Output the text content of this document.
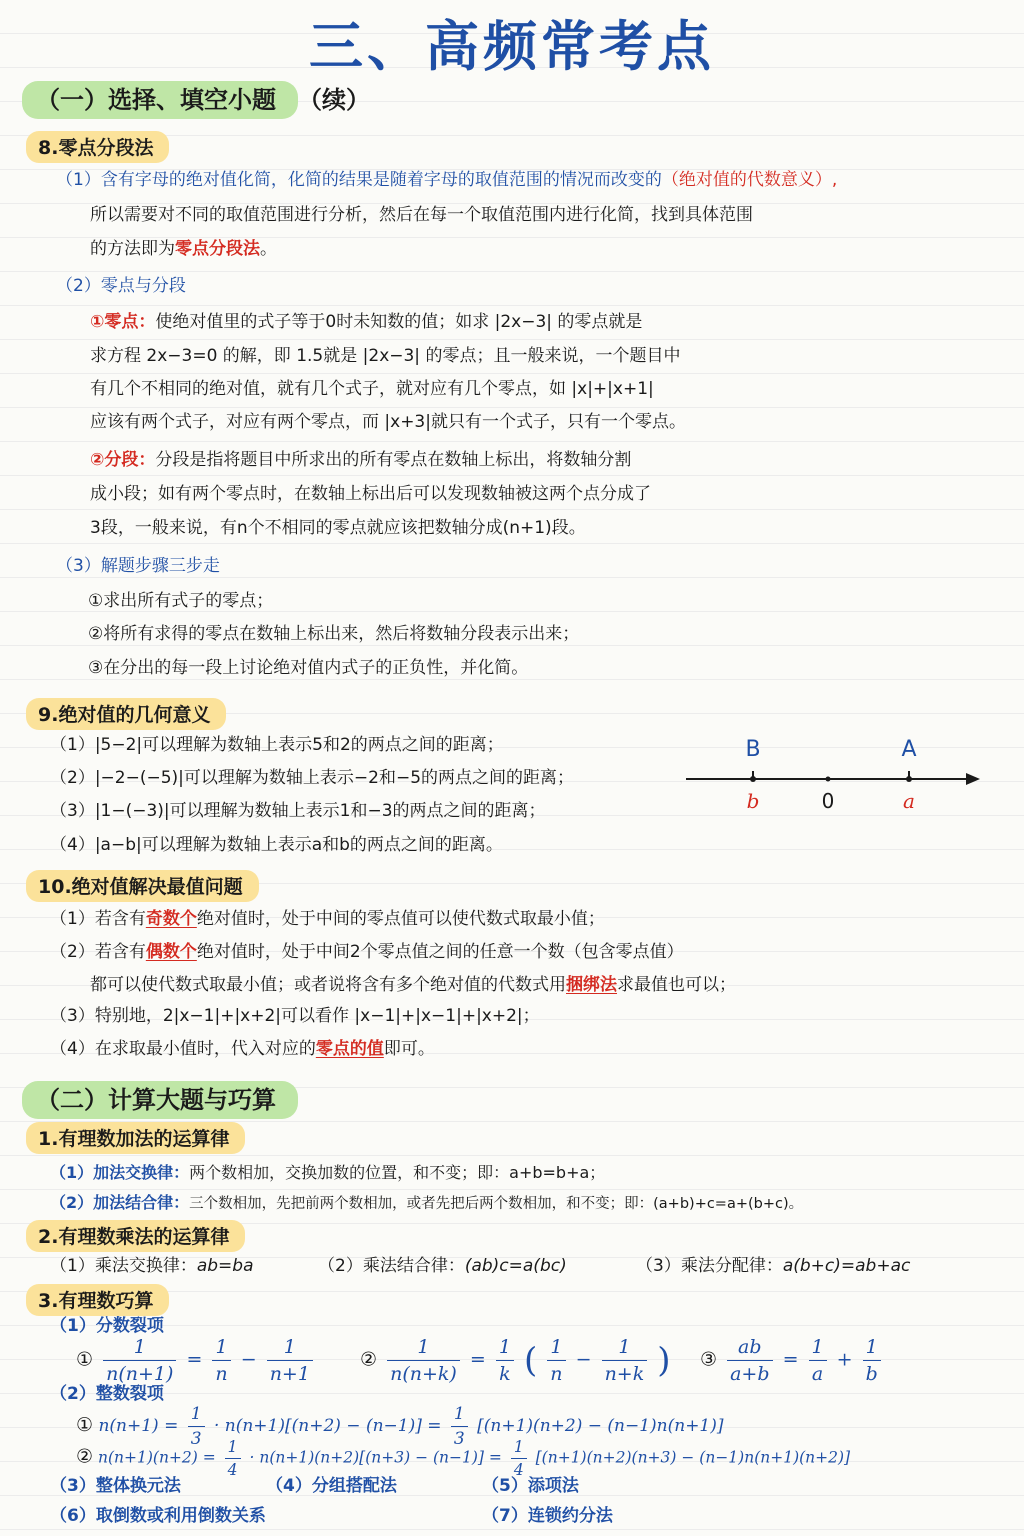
三、高频常考点
（一）选择、填空小题 （续）
8.零点分段法
（1）含有字母的绝对值化简，化简的结果是随着字母的取值范围的情况而改变的（绝对值的代数意义）,
所以需要对不同的取值范围进行分析，然后在每一个取值范围内进行化简，找到具体范围
的方法即为零点分段法。
（2）零点与分段
①零点：使绝对值里的式子等于0时未知数的值；如求 |2x−3| 的零点就是
求方程 2x−3=0 的解，即 1.5就是 |2x−3| 的零点；且一般来说，一个题目中
有几个不相同的绝对值，就有几个式子，就对应有几个零点，如 |x|+|x+1|
应该有两个式子，对应有两个零点，而 |x+3|就只有一个式子，只有一个零点。
②分段：分段是指将题目中所求出的所有零点在数轴上标出，将数轴分割
成小段；如有两个零点时，在数轴上标出后可以发现数轴被这两个点分成了
3段，一般来说，有n个不相同的零点就应该把数轴分成(n+1)段。
（3）解题步骤三步走
①求出所有式子的零点；
②将所有求得的零点在数轴上标出来，然后将数轴分段表示出来；
③在分出的每一段上讨论绝对值内式子的正负性，并化简。
9.绝对值的几何意义
（1）|5−2|可以理解为数轴上表示5和2的两点之间的距离；
（2）|−2−(−5)|可以理解为数轴上表示−2和−5的两点之间的距离；
（3）|1−(−3)|可以理解为数轴上表示1和−3的两点之间的距离；
（4）|a−b|可以理解为数轴上表示a和b的两点之间的距离。
B	A
b	0	a
10.绝对值解决最值问题
（1）若含有奇数个绝对值时，处于中间的零点值可以使代数式取最小值；
（2）若含有偶数个绝对值时，处于中间2个零点值之间的任意一个数（包含零点值）
都可以使代数式取最小值；或者说将含有多个绝对值的代数式用捆绑法求最值也可以；
（3）特别地，2|x−1|+|x+2|可以看作 |x−1|+|x−1|+|x+2|；
（4）在求取最小值时，代入对应的零点的值即可。
（二）计算大题与巧算
1.有理数加法的运算律
（1）加法交换律：两个数相加，交换加数的位置，和不变；即：a+b=b+a；
（2）加法结合律：三个数相加，先把前两个数相加，或者先把后两个数相加，和不变；即：(a+b)+c=a+(b+c)。
2.有理数乘法的运算律
（1）乘法交换律：ab=ba	（2）乘法结合律：(ab)c=a(bc)	（3）乘法分配律：a(b+c)=ab+ac
3.有理数巧算
（1）分数裂项
① $\frac{1}{n(n+1)} = \frac{1}{n} - \frac{1}{n+1}$ ② $\frac{1}{n(n+k)} = \frac{1}{k}$ ( $\frac{1}{n} - \frac{1}{n+k}$ ) ③ $\frac{ab}{a+b} = \frac{1}{a} + \frac{1}{b}$
（2）整数裂项
① $n(n+1) = \frac{1}{3} \cdot n(n+1)[(n+2) - (n-1)] = \frac{1}{3} [(n+1)(n+2) - (n-1)n(n+1)]$
② $n(n+1)(n+2) = \frac{1}{4} \cdot n(n+1)(n+2)[(n+3) - (n-1)] = \frac{1}{4} [(n+1)(n+2)(n+3) - (n-1)n(n+1)(n+2)]$
（3）整体换元法	（4）分组搭配法	（5）添项法
（6）取倒数或利用倒数关系	（7）连锁约分法
